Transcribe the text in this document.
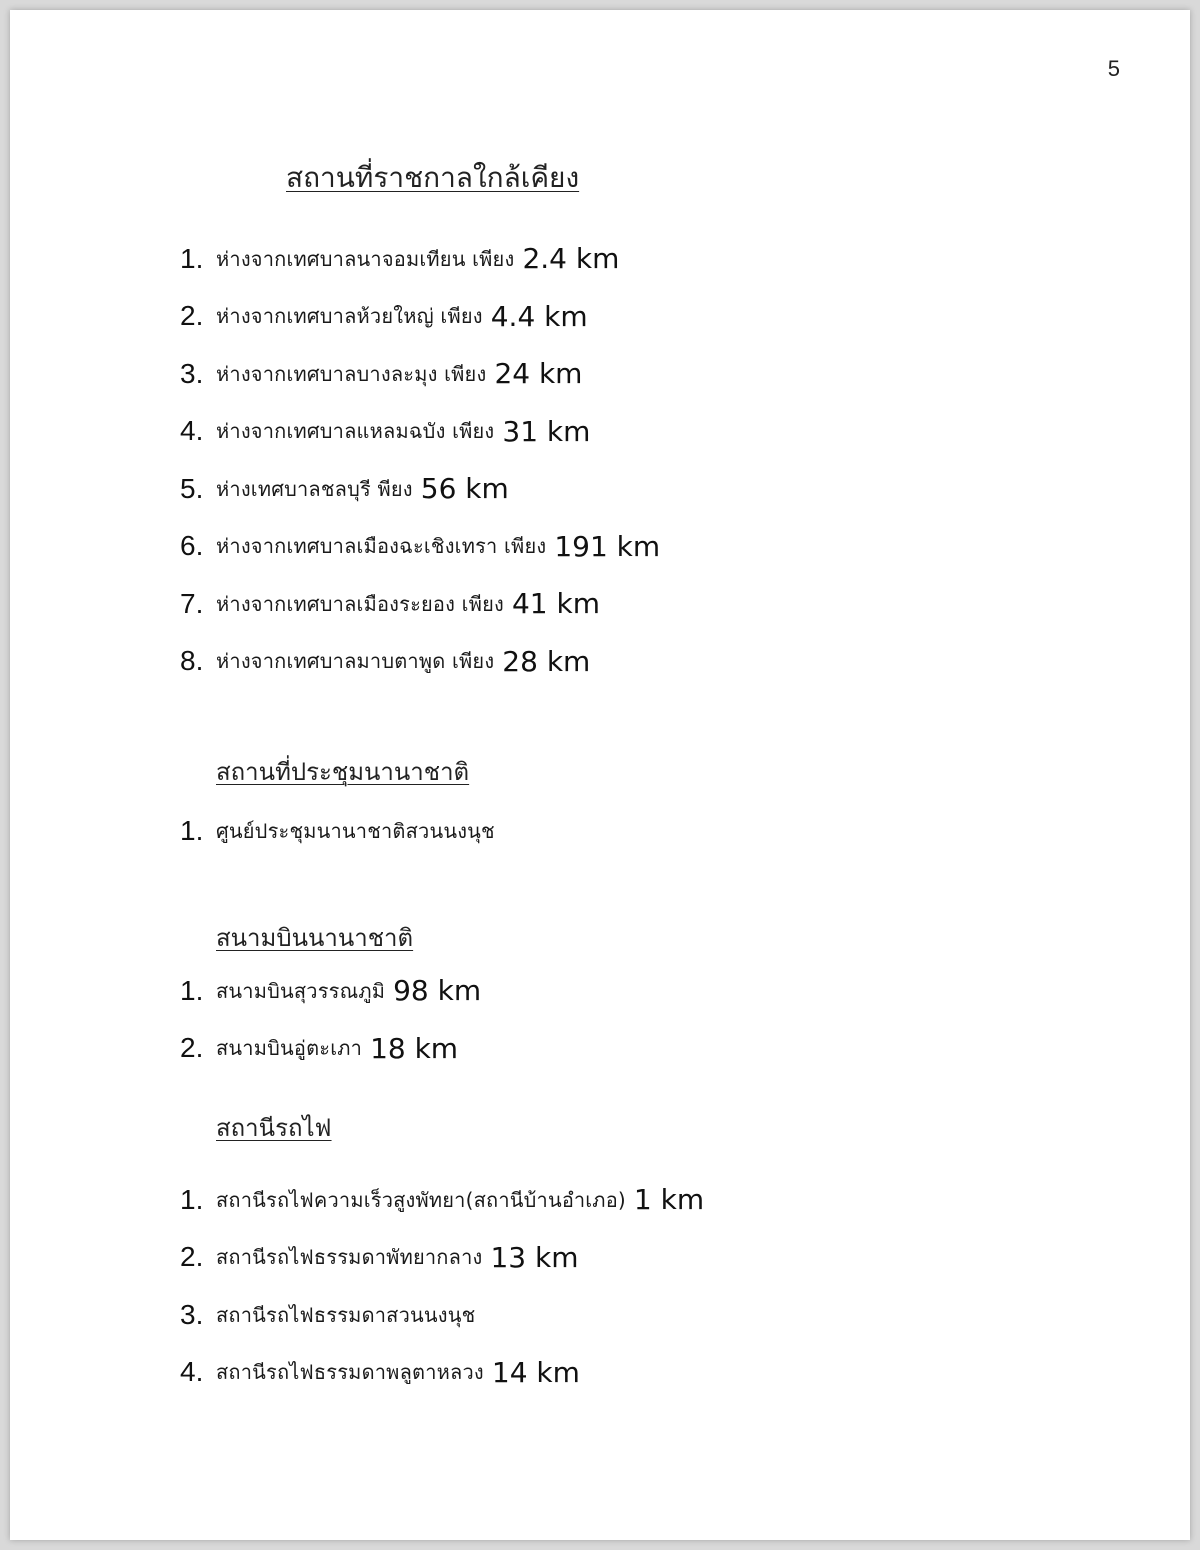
5
สถานที่ราชกาลใกล้เคียง
1. ห่างจากเทศบาลนาจอมเทียน เพียง 2.4 km
2. ห่างจากเทศบาลห้วยใหญ่ เพียง 4.4 km
3. ห่างจากเทศบาลบางละมุง เพียง 24 km
4. ห่างจากเทศบาลแหลมฉบัง เพียง 31 km
5. ห่างเทศบาลชลบุรี พียง 56 km
6. ห่างจากเทศบาลเมืองฉะเชิงเทรา เพียง 191 km
7. ห่างจากเทศบาลเมืองระยอง เพียง 41 km
8. ห่างจากเทศบาลมาบตาพูด เพียง 28 km
สถานที่ประชุมนานาชาติ
1. ศูนย์ประชุมนานาชาติสวนนงนุช
สนามบินนานาชาติ
1. สนามบินสุวรรณภูมิ 98 km
2. สนามบินอู่ตะเภา 18 km
สถานีรถไฟ
1. สถานีรถไฟความเร็วสูงพัทยา(สถานีบ้านอำเภอ) 1 km
2. สถานีรถไฟธรรมดาพัทยากลาง 13 km
3. สถานีรถไฟธรรมดาสวนนงนุช
4. สถานีรถไฟธรรมดาพลูตาหลวง 14 km
